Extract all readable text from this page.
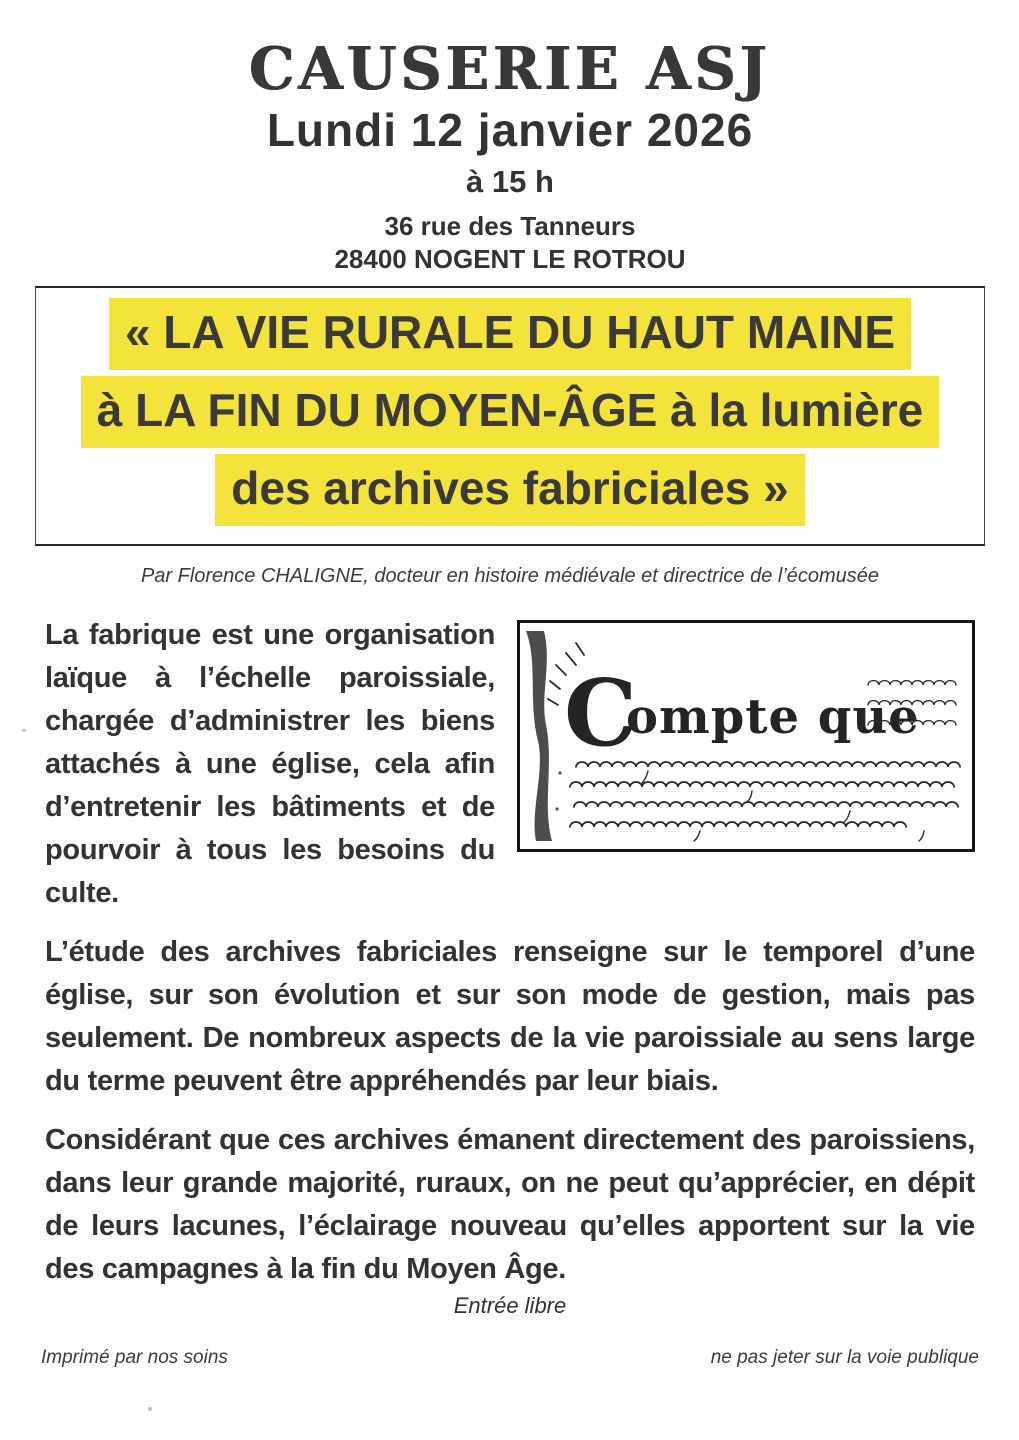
CAUSERIE ASJ
Lundi 12 janvier 2026
à 15 h
36 rue des Tanneurs
28400 NOGENT LE ROTROU
« LA VIE RURALE DU HAUT MAINE
à LA FIN DU MOYEN-ÂGE à la lumière
des archives fabriciales »
Par Florence CHALIGNE, docteur en histoire médiévale et directrice de l’écomusée
C
ompte que

La fabrique est une organisation laïque à l’échelle paroissiale, chargée d’administrer les biens attachés à une église, cela afin d’entretenir les bâtiments et de pourvoir à tous les besoins du culte.

L’étude des archives fabriciales renseigne sur le temporel d’une église, sur son évolution et sur son mode de gestion, mais pas seulement. De nombreux aspects de la vie paroissiale au sens large du terme peuvent être appréhendés par leur biais.

Considérant que ces archives émanent directement des paroissiens, dans leur grande majorité, ruraux, on ne peut qu’apprécier, en dépit de leurs lacunes, l’éclairage nouveau qu’elles apportent sur la vie des campagnes à la fin du Moyen Âge.

Entrée libre
Imprimé par nos soins	ne pas jeter sur la voie publique
